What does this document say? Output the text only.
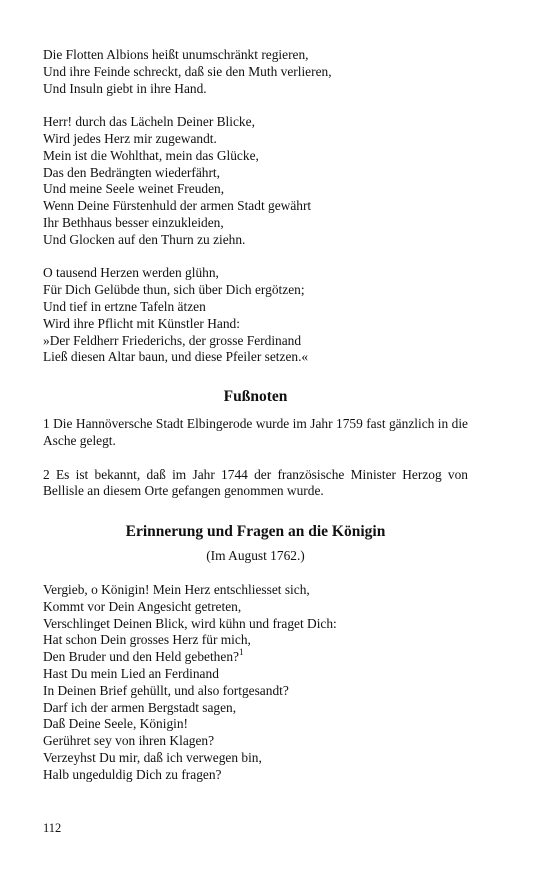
Die Flotten Albions heißt unumschränkt regieren,
Und ihre Feinde schreckt, daß sie den Muth verlieren,
Und Insuln giebt in ihre Hand.
Herr! durch das Lächeln Deiner Blicke,
Wird jedes Herz mir zugewandt.
Mein ist die Wohlthat, mein das Glücke,
Das den Bedrängten wiederfährt,
Und meine Seele weinet Freuden,
Wenn Deine Fürstenhuld der armen Stadt gewährt
Ihr Bethhaus besser einzukleiden,
Und Glocken auf den Thurn zu ziehn.
O tausend Herzen werden glühn,
Für Dich Gelübde thun, sich über Dich ergötzen;
Und tief in ertzne Tafeln ätzen
Wird ihre Pflicht mit Künstler Hand:
»Der Feldherr Friederichs, der grosse Ferdinand
Ließ diesen Altar baun, und diese Pfeiler setzen.«
Fußnoten

1 Die Hannöversche Stadt Elbingerode wurde im Jahr 1759 fast gänzlich in die Asche gelegt.

2 Es ist bekannt, daß im Jahr 1744 der französische Minister Herzog von Bellisle an diesem Orte gefangen genommen wurde.

Erinnerung und Fragen an die Königin
(Im August 1762.)
Vergieb, o Königin! Mein Herz entschliesset sich,
Kommt vor Dein Angesicht getreten,
Verschlinget Deinen Blick, wird kühn und fraget Dich:
Hat schon Dein grosses Herz für mich,
Den Bruder und den Held gebethen?$^1$
Hast Du mein Lied an Ferdinand
In Deinen Brief gehüllt, und also fortgesandt?
Darf ich der armen Bergstadt sagen,
Daß Deine Seele, Königin!
Gerühret sey von ihren Klagen?
Verzeyhst Du mir, daß ich verwegen bin,
Halb ungeduldig Dich zu fragen?
112
